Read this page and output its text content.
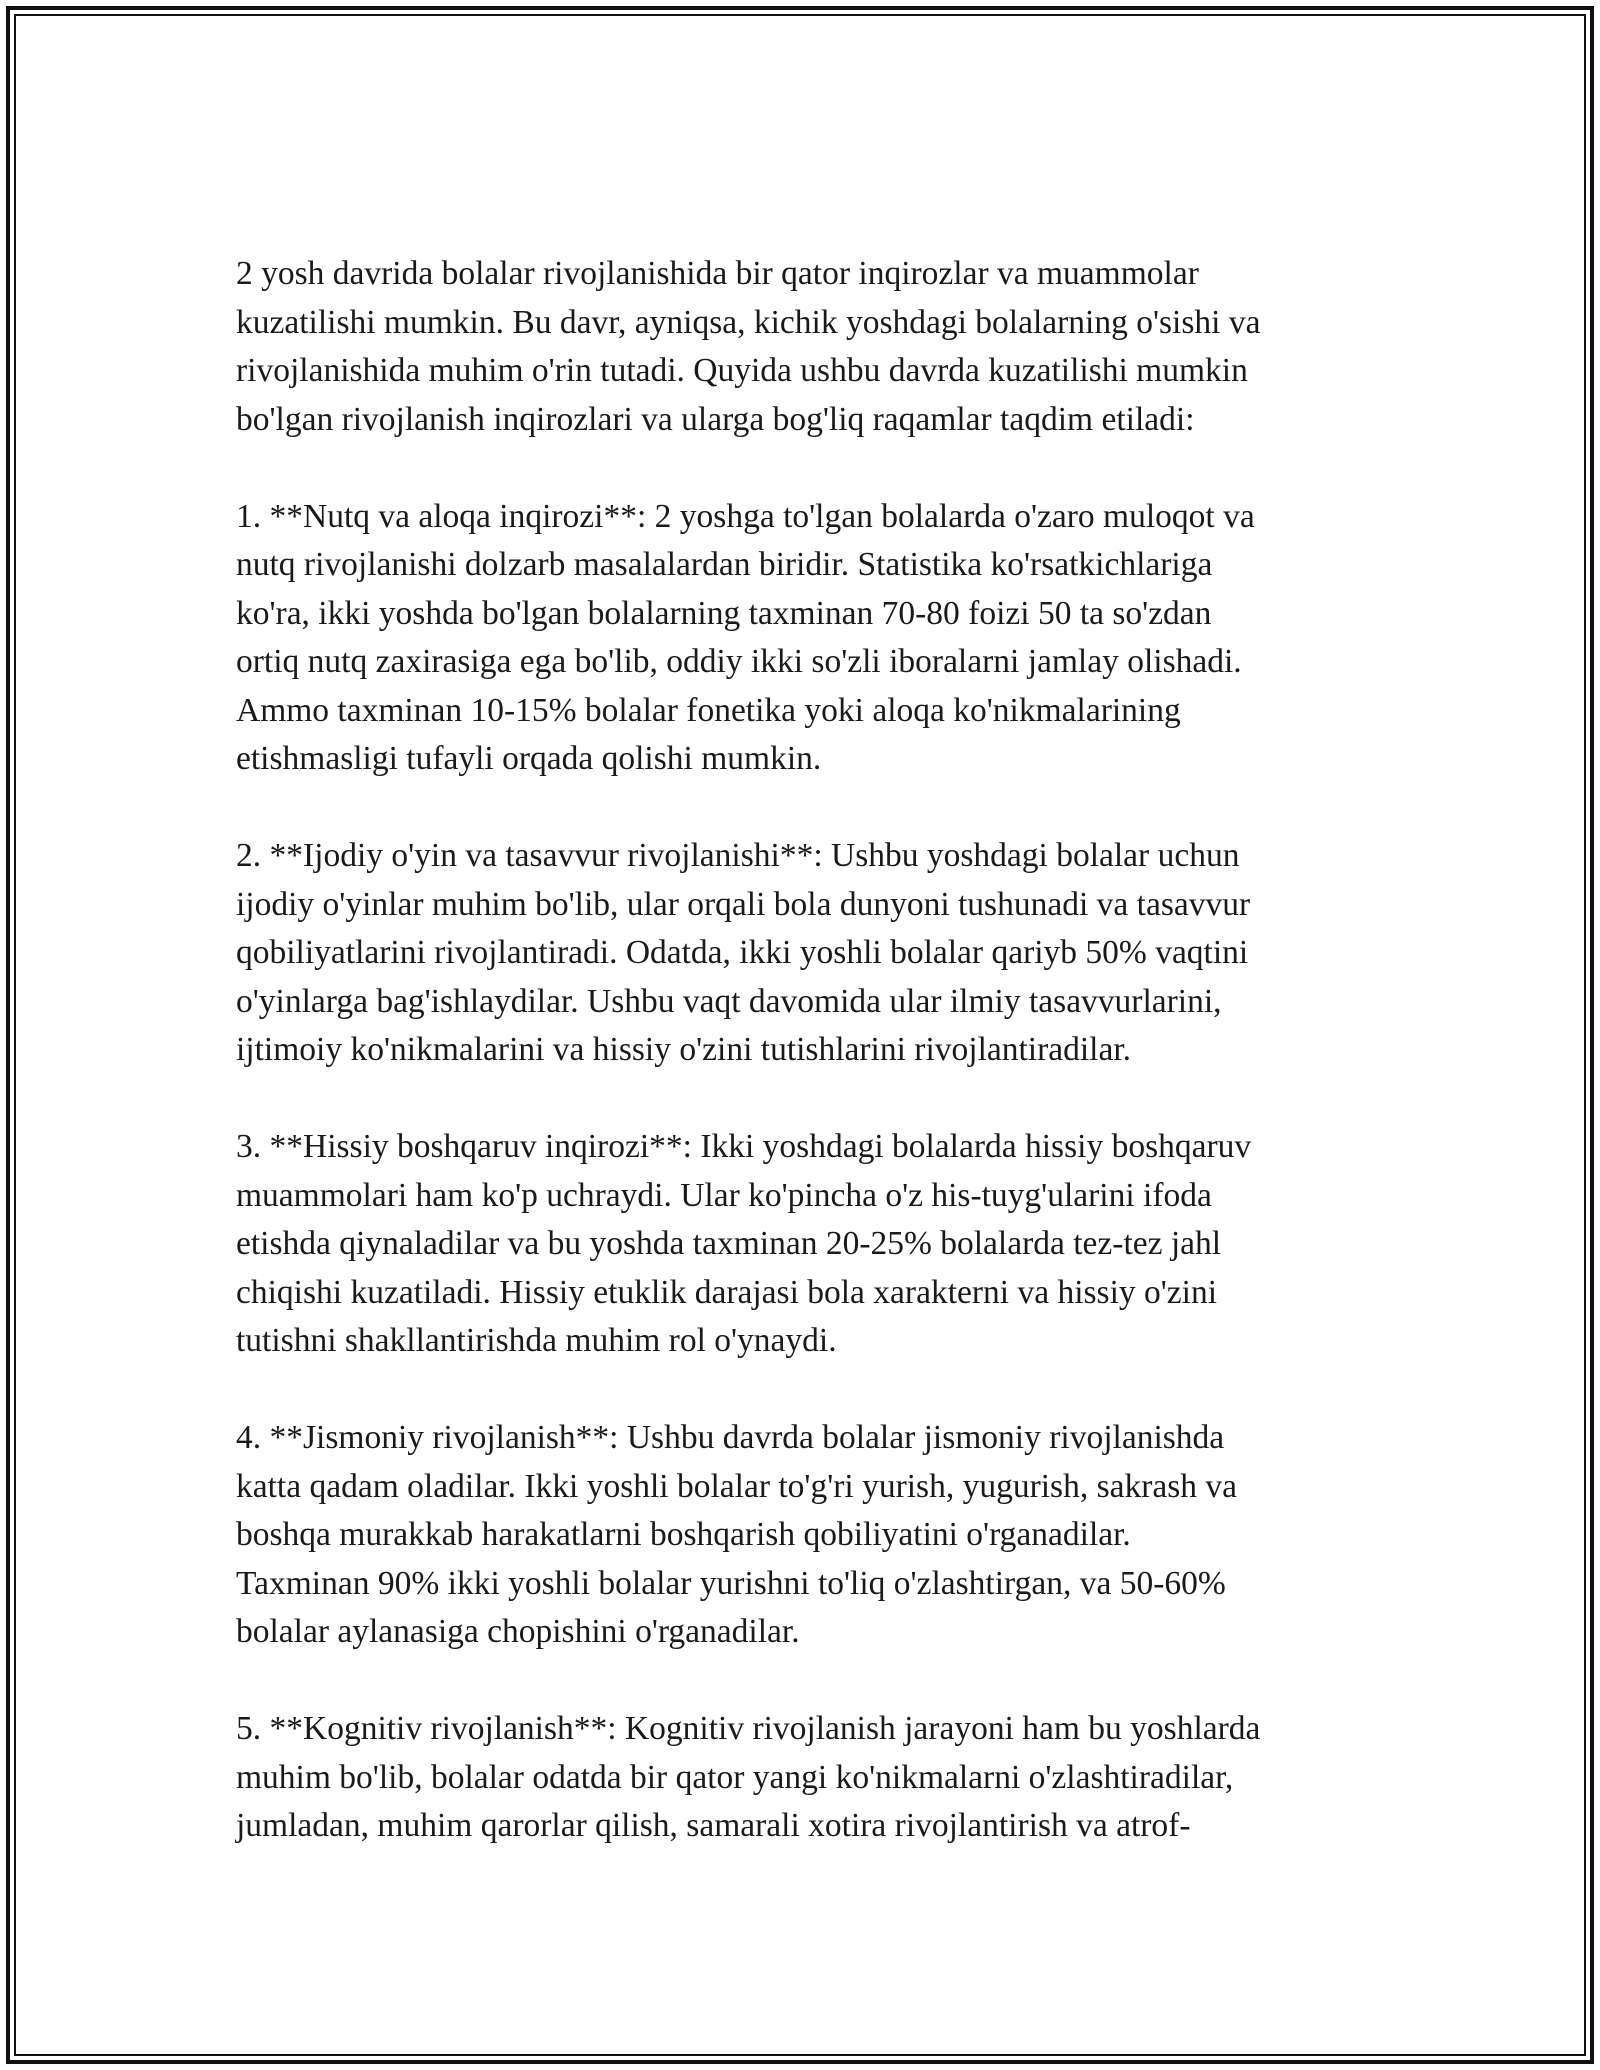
2 yosh davrida bolalar rivojlanishida bir qator inqirozlar va muammolar
kuzatilishi mumkin. Bu davr, ayniqsa, kichik yoshdagi bolalarning o'sishi va
rivojlanishida muhim o'rin tutadi. Quyida ushbu davrda kuzatilishi mumkin
bo'lgan rivojlanish inqirozlari va ularga bog'liq raqamlar taqdim etiladi:

1. **Nutq va aloqa inqirozi**: 2 yoshga to'lgan bolalarda o'zaro muloqot va
nutq rivojlanishi dolzarb masalalardan biridir. Statistika ko'rsatkichlariga
ko'ra, ikki yoshda bo'lgan bolalarning taxminan 70-80 foizi 50 ta so'zdan
ortiq nutq zaxirasiga ega bo'lib, oddiy ikki so'zli iboralarni jamlay olishadi.
Ammo taxminan 10-15% bolalar fonetika yoki aloqa ko'nikmalarining
etishmasligi tufayli orqada qolishi mumkin.

2. **Ijodiy o'yin va tasavvur rivojlanishi**: Ushbu yoshdagi bolalar uchun
ijodiy o'yinlar muhim bo'lib, ular orqali bola dunyoni tushunadi va tasavvur
qobiliyatlarini rivojlantiradi. Odatda, ikki yoshli bolalar qariyb 50% vaqtini
o'yinlarga bag'ishlaydilar. Ushbu vaqt davomida ular ilmiy tasavvurlarini,
ijtimoiy ko'nikmalarini va hissiy o'zini tutishlarini rivojlantiradilar.

3. **Hissiy boshqaruv inqirozi**: Ikki yoshdagi bolalarda hissiy boshqaruv
muammolari ham ko'p uchraydi. Ular ko'pincha o'z his-tuyg'ularini ifoda
etishda qiynaladilar va bu yoshda taxminan 20-25% bolalarda tez-tez jahl
chiqishi kuzatiladi. Hissiy etuklik darajasi bola xarakterni va hissiy o'zini
tutishni shakllantirishda muhim rol o'ynaydi.

4. **Jismoniy rivojlanish**: Ushbu davrda bolalar jismoniy rivojlanishda
katta qadam oladilar. Ikki yoshli bolalar to'g'ri yurish, yugurish, sakrash va
boshqa murakkab harakatlarni boshqarish qobiliyatini o'rganadilar.
Taxminan 90% ikki yoshli bolalar yurishni to'liq o'zlashtirgan, va 50-60%
bolalar aylanasiga chopishini o'rganadilar.

5. **Kognitiv rivojlanish**: Kognitiv rivojlanish jarayoni ham bu yoshlarda
muhim bo'lib, bolalar odatda bir qator yangi ko'nikmalarni o'zlashtiradilar,
jumladan, muhim qarorlar qilish, samarali xotira rivojlantirish va atrof-
